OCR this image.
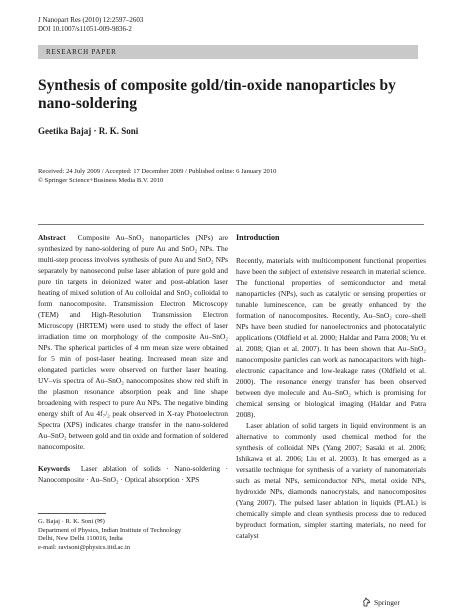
J Nanopart Res (2010) 12:2597–2603
DOI 10.1007/s11051-009-9836-2
RESEARCH PAPER
Synthesis of composite gold/tin-oxide nanoparticles by nano-soldering
Geetika Bajaj · R. K. Soni
Received: 24 July 2009 / Accepted: 17 December 2009 / Published online: 6 January 2010
© Springer Science+Business Media B.V. 2010

Abstract Composite Au–SnO₂ nanoparticles (NPs) are synthesized by nano-soldering of pure Au and SnO₂ NPs. The multi-step process involves synthesis of pure Au and SnO₂ NPs separately by nanosecond pulse laser ablation of pure gold and pure tin targets in deionized water and post-ablation laser heating of mixed solution of Au colloidal and SnO₂ colloidal to form nanocomposite. Transmission Electron Microscopy (TEM) and High-Resolution Transmission Electron Microscopy (HRTEM) were used to study the effect of laser irradiation time on morphology of the composite Au–SnO₂ NPs. The spherical particles of 4 nm mean size were obtained for 5 min of post-laser heating. Increased mean size and elongated particles were observed on further laser heating. UV–vis spectra of Au–SnO₂ nanocomposites show red shift in the plasmon resonance absorption peak and line shape broadening with respect to pure Au NPs. The negative binding energy shift of Au 4f₇/₂ peak observed in X-ray Photoelectron Spectra (XPS) indicates charge transfer in the nano-soldered Au–SnO₂ between gold and tin oxide and formation of soldered nanocomposite.

Keywords Laser ablation of solids · Nano-soldering · Nanocomposite · Au–SnO₂ · Optical absorption · XPS

G. Bajaj · R. K. Soni (✉)
Department of Physics, Indian Institute of Technology
Delhi, New Delhi 110016, India
e-mail: ravisoni@physics.iitd.ac.in
Introduction

Recently, materials with multicomponent functional properties have been the subject of extensive research in material science. The functional properties of semiconductor and metal nanoparticles (NPs), such as catalytic or sensing properties or tunable luminescence, can be greatly enhanced by the formation of nanocomposites. Recently, Au–SnO₂ core–shell NPs have been studied for nanoelectronics and photocatalytic applications (Oldfield et al. 2000; Haldar and Patra 2008; Yu et al. 2008; Qian et al. 2007). It has been shown that Au–SnO₂ nanocomposite particles can work as nanocapacitors with high-electronic capacitance and low-leakage rates (Oldfield et al. 2000). The resonance energy transfer has been observed between dye molecule and Au–SnO₂ which is promising for chemical sensing or biological imaging (Haldar and Patra 2008).

Laser ablation of solid targets in liquid environment is an alternative to commonly used chemical method for the synthesis of colloidal NPs (Yang 2007; Sasaki et al. 2006; Ishikawa et al. 2006; Liu et al. 2003). It has emerged as a versatile technique for synthesis of a variety of nanomaterials such as metal NPs, semiconductor NPs, metal oxide NPs, hydroxide NPs, diamonds nanocrystals, and nanocomposites (Yang 2007). The pulsed laser ablation in liquids (PLAL) is chemically simple and clean synthesis process due to reduced byproduct formation, simpler starting materials, no need for catalyst

Springer
